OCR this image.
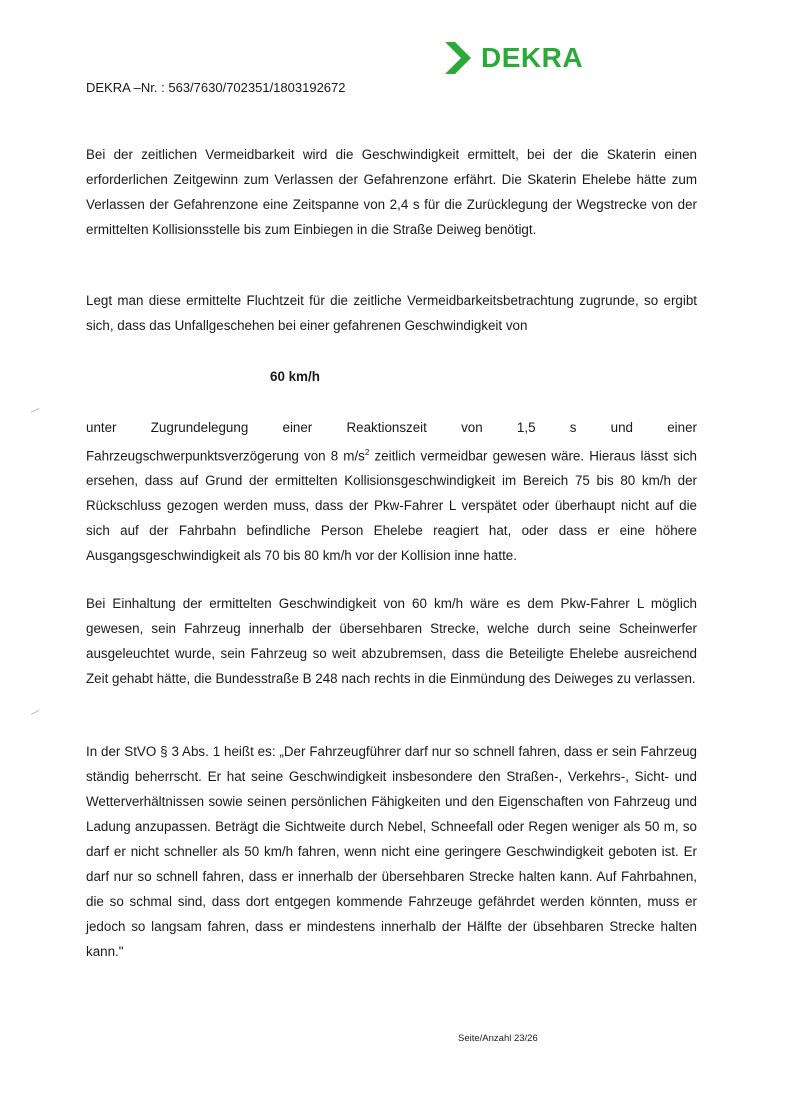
DEKRA
DEKRA –Nr. : 563/7630/702351/1803192672

Bei der zeitlichen Vermeidbarkeit wird die Geschwindigkeit ermittelt, bei der die Skaterin einen erforderlichen Zeitgewinn zum Verlassen der Gefahrenzone erfährt. Die Skaterin Ehelebe hätte zum Verlassen der Gefahrenzone eine Zeitspanne von 2,4 s für die Zurücklegung der Wegstrecke von der ermittelten Kollisionsstelle bis zum Einbiegen in die Straße Deiweg benötigt.

Legt man diese ermittelte Fluchtzeit für die zeitliche Vermeidbarkeitsbetrachtung zugrunde, so ergibt sich, dass das Unfallgeschehen bei einer gefahrenen Geschwindigkeit von

60 km/h

unter Zugrundelegung einer Reaktionszeit von 1,5 s und einer
Fahrzeugschwerpunktsverzögerung von 8 $m/s^2$ zeitlich vermeidbar gewesen wäre. Hieraus lässt sich ersehen, dass auf Grund der ermittelten Kollisionsgeschwindigkeit im Bereich 75 bis 80 km/h der Rückschluss gezogen werden muss, dass der Pkw-Fahrer L verspätet oder überhaupt nicht auf die sich auf der Fahrbahn befindliche Person Ehelebe reagiert hat, oder dass er eine höhere Ausgangsgeschwindigkeit als 70 bis 80 km/h vor der Kollision inne hatte.

Bei Einhaltung der ermittelten Geschwindigkeit von 60 km/h wäre es dem Pkw-Fahrer L möglich gewesen, sein Fahrzeug innerhalb der übersehbaren Strecke, welche durch seine Scheinwerfer ausgeleuchtet wurde, sein Fahrzeug so weit abzubremsen, dass die Beteiligte Ehelebe ausreichend Zeit gehabt hätte, die Bundesstraße B 248 nach rechts in die Einmündung des Deiweges zu verlassen.

In der StVO § 3 Abs. 1 heißt es: „Der Fahrzeugführer darf nur so schnell fahren, dass er sein Fahrzeug ständig beherrscht. Er hat seine Geschwindigkeit insbesondere den Straßen-, Verkehrs-, Sicht- und Wetterverhältnissen sowie seinen persönlichen Fähigkeiten und den Eigenschaften von Fahrzeug und Ladung anzupassen. Beträgt die Sichtweite durch Nebel, Schneefall oder Regen weniger als 50 m, so darf er nicht schneller als 50 km/h fahren, wenn nicht eine geringere Geschwindigkeit geboten ist. Er darf nur so schnell fahren, dass er innerhalb der übersehbaren Strecke halten kann. Auf Fahrbahnen, die so schmal sind, dass dort entgegen kommende Fahrzeuge gefährdet werden könnten, muss er jedoch so langsam fahren, dass er mindestens innerhalb der Hälfte der übsehbaren Strecke halten kann."

Seite/Anzahl 23/26
